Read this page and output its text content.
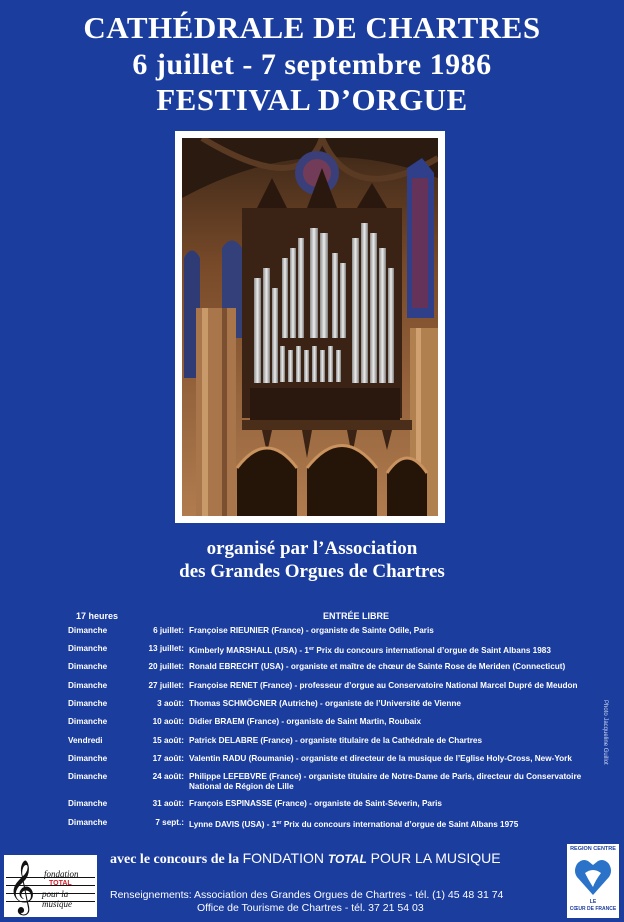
CATHÉDRALE DE CHARTRES
6 juillet - 7 septembre 1986
FESTIVAL D’ORGUE
organisé par l’Association
des Grandes Orgues de Chartres
17 heures	ENTRÉE LIBRE
Dimanche	6 juillet: Françoise RIEUNIER (France) - organiste de Sainte Odile, Paris
Dimanche	13 juillet: Kimberly MARSHALL (USA) - 1er Prix du concours international d’orgue de Saint Albans 1983
Dimanche	20 juillet: Ronald EBRECHT (USA) - organiste et maître de chœur de Sainte Rose de Meriden (Connecticut)
Dimanche	27 juillet: Françoise RENET (France) - professeur d’orgue au Conservatoire National Marcel Dupré de Meudon
Dimanche	3 août: Thomas SCHMÖGNER (Autriche) - organiste de l’Université de Vienne
Dimanche	10 août: Didier BRAEM (France) - organiste de Saint Martin, Roubaix
Vendredi	15 août: Patrick DELABRE (France) - organiste titulaire de la Cathédrale de Chartres
Dimanche	17 août: Valentin RADU (Roumanie) - organiste et directeur de la musique de l’Eglise Holy-Cross, New-York
Dimanche	24 août: Philippe LEFEBVRE (France) - organiste titulaire de Notre-Dame de Paris, directeur du Conservatoire National de Région de Lille
Dimanche	31 août: François ESPINASSE (France) - organiste de Saint-Séverin, Paris
Dimanche	7 sept.: Lynne DAVIS (USA) - 1er Prix du concours international d’orgue de Saint Albans 1975
Photo Jacqueline Guillot
avec le concours de la FONDATION TOTAL POUR LA MUSIQUE
Renseignements: Association des Grandes Orgues de Chartres - tél. (1) 45 48 31 74
Office de Tourisme de Chartres - tél. 37 21 54 03
𝄞 fondation
TOTAL
pour la musique
REGION CENTRE
LE
CŒUR DE FRANCE
